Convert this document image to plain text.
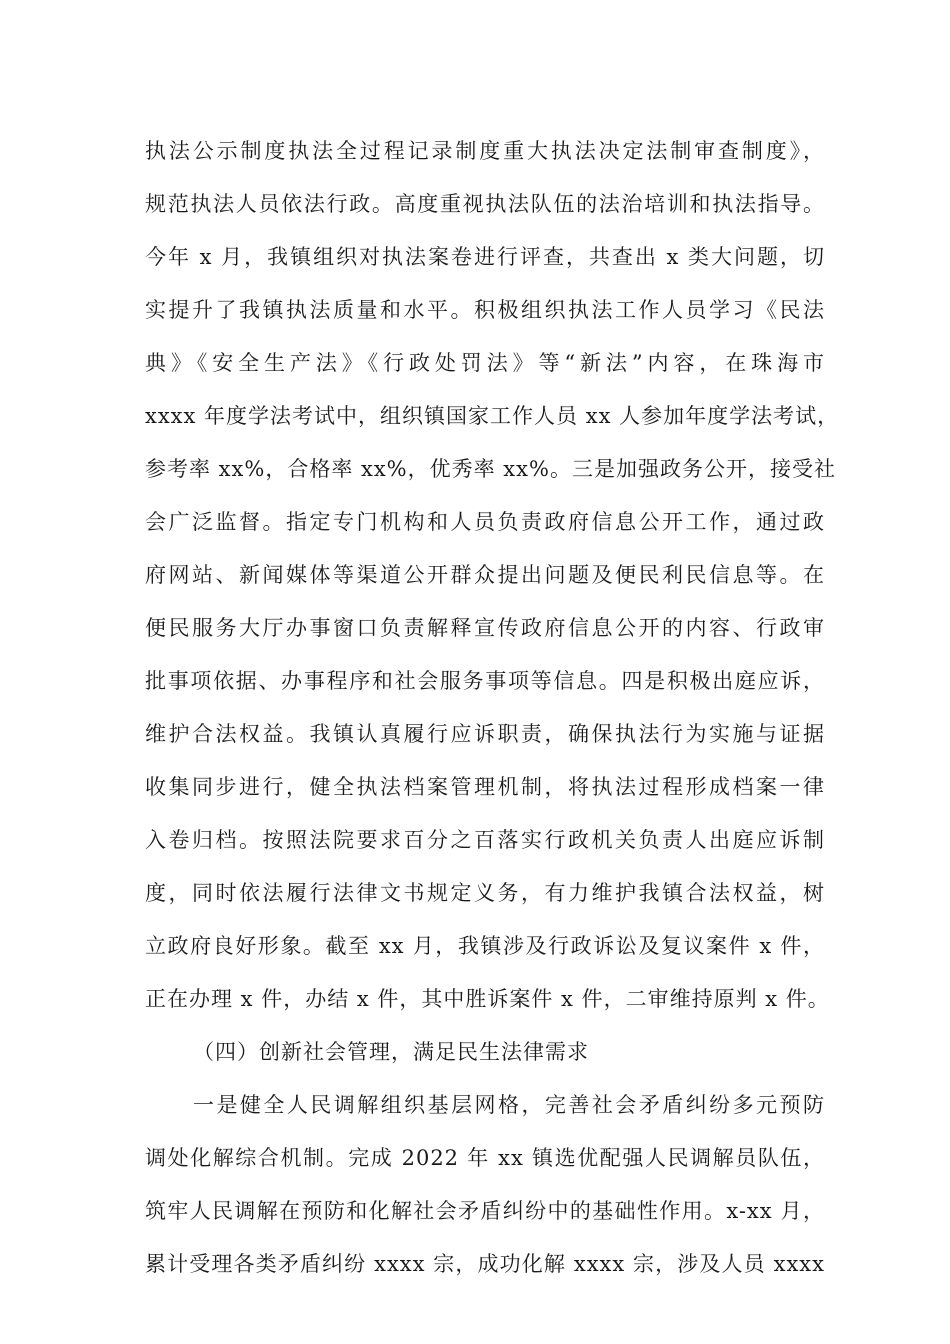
执法公示制度执法全过程记录制度重大执法决定法制审查制度》，
规范执法人员依法行政。高度重视执法队伍的法治培训和执法指导。
今年 x 月，我镇组织对执法案卷进行评查，共查出 x 类大问题，切
实提升了我镇执法质量和水平。积极组织执法工作人员学习《民法
典》《安全生产法》《行政处罚法》等“新法”内容，在珠海市
xxxx 年度学法考试中，组织镇国家工作人员 xx 人参加年度学法考试，
参考率 xx%，合格率 xx%，优秀率 xx%。三是加强政务公开，接受社
会广泛监督。指定专门机构和人员负责政府信息公开工作，通过政
府网站、新闻媒体等渠道公开群众提出问题及便民利民信息等。在
便民服务大厅办事窗口负责解释宣传政府信息公开的内容、行政审
批事项依据、办事程序和社会服务事项等信息。四是积极出庭应诉，
维护合法权益。我镇认真履行应诉职责，确保执法行为实施与证据
收集同步进行，健全执法档案管理机制，将执法过程形成档案一律
入卷归档。按照法院要求百分之百落实行政机关负责人出庭应诉制
度，同时依法履行法律文书规定义务，有力维护我镇合法权益，树
立政府良好形象。截至 xx 月，我镇涉及行政诉讼及复议案件 x 件，
正在办理 x 件，办结 x 件，其中胜诉案件 x 件，二审维持原判 x 件。
（四）创新社会管理，满足民生法律需求
一是健全人民调解组织基层网格，完善社会矛盾纠纷多元预防
调处化解综合机制。完成 2022 年 xx 镇选优配强人民调解员队伍，
筑牢人民调解在预防和化解社会矛盾纠纷中的基础性作用。x-xx 月，
累计受理各类矛盾纠纷 xxxx 宗，成功化解 xxxx 宗，涉及人员 xxxx
